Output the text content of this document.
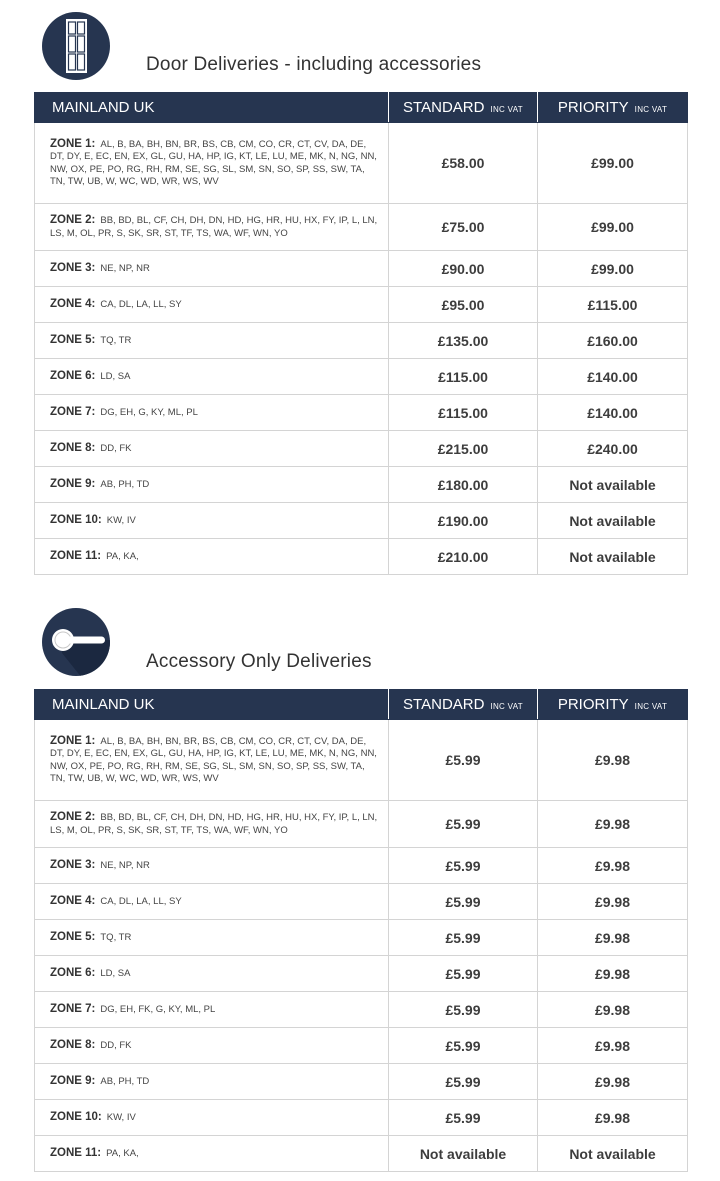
Door Deliveries - including accessories
MAINLAND UK	STANDARD INC VAT	PRIORITY INC VAT
ZONE 1: AL, B, BA, BH, BN, BR, BS, CB, CM, CO, CR, CT, CV, DA, DE, DT, DY, E, EC, EN, EX, GL, GU, HA, HP, IG, KT, LE, LU, ME, MK, N, NG, NN, NW, OX, PE, PO, RG, RH, RM, SE, SG, SL, SM, SN, SO, SP, SS, SW, TA, TN, TW, UB, W, WC, WD, WR, WS, WV	£58.00	£99.00
ZONE 2: BB, BD, BL, CF, CH, DH, DN, HD, HG, HR, HU, HX, FY, IP, L, LN, LS, M, OL, PR, S, SK, SR, ST, TF, TS, WA, WF, WN, YO	£75.00	£99.00
ZONE 3: NE, NP, NR	£90.00	£99.00
ZONE 4: CA, DL, LA, LL, SY	£95.00	£115.00
ZONE 5: TQ, TR	£135.00	£160.00
ZONE 6: LD, SA	£115.00	£140.00
ZONE 7: DG, EH, G, KY, ML, PL	£115.00	£140.00
ZONE 8: DD, FK	£215.00	£240.00
ZONE 9: AB, PH, TD	£180.00	Not available
ZONE 10: KW, IV	£190.00	Not available
ZONE 11: PA, KA,	£210.00	Not available
Accessory Only Deliveries
MAINLAND UK	STANDARD INC VAT	PRIORITY INC VAT
ZONE 1: AL, B, BA, BH, BN, BR, BS, CB, CM, CO, CR, CT, CV, DA, DE, DT, DY, E, EC, EN, EX, GL, GU, HA, HP, IG, KT, LE, LU, ME, MK, N, NG, NN, NW, OX, PE, PO, RG, RH, RM, SE, SG, SL, SM, SN, SO, SP, SS, SW, TA, TN, TW, UB, W, WC, WD, WR, WS, WV	£5.99	£9.98
ZONE 2: BB, BD, BL, CF, CH, DH, DN, HD, HG, HR, HU, HX, FY, IP, L, LN, LS, M, OL, PR, S, SK, SR, ST, TF, TS, WA, WF, WN, YO	£5.99	£9.98
ZONE 3: NE, NP, NR	£5.99	£9.98
ZONE 4: CA, DL, LA, LL, SY	£5.99	£9.98
ZONE 5: TQ, TR	£5.99	£9.98
ZONE 6: LD, SA	£5.99	£9.98
ZONE 7: DG, EH, FK, G, KY, ML, PL	£5.99	£9.98
ZONE 8: DD, FK	£5.99	£9.98
ZONE 9: AB, PH, TD	£5.99	£9.98
ZONE 10: KW, IV	£5.99	£9.98
ZONE 11: PA, KA,	Not available	Not available
